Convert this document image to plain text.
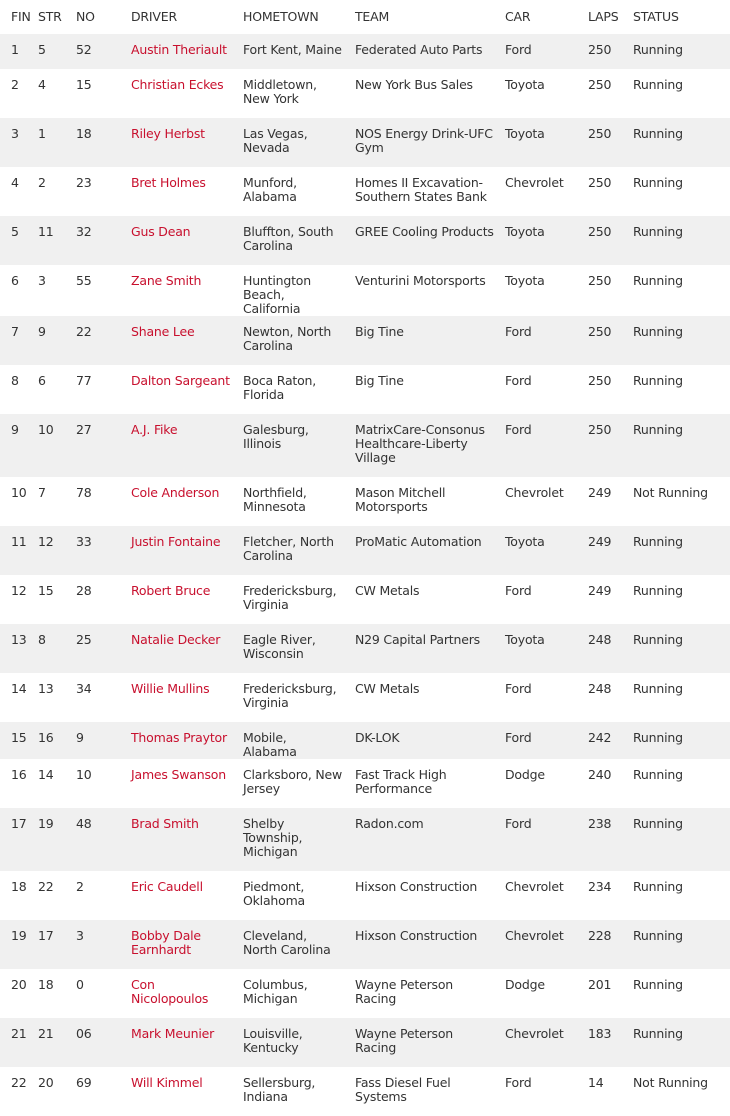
FIN	STR	NO	DRIVER	HOMETOWN	TEAM	CAR	LAPS	STATUS
1	5	52	Austin Theriault	Fort Kent, Maine	Federated Auto Parts	Ford	250	Running
2	4	15	Christian Eckes	Middletown, New York	New York Bus Sales	Toyota	250	Running
3	1	18	Riley Herbst	Las Vegas, Nevada	NOS Energy Drink-UFC Gym	Toyota	250	Running
4	2	23	Bret Holmes	Munford, Alabama	Homes II Excavation-Southern States Bank	Chevrolet	250	Running
5	11	32	Gus Dean	Bluffton, South Carolina	GREE Cooling Products	Toyota	250	Running
6	3	55	Zane Smith	Huntington Beach, California	Venturini Motorsports	Toyota	250	Running
7	9	22	Shane Lee	Newton, North Carolina	Big Tine	Ford	250	Running
8	6	77	Dalton Sargeant	Boca Raton, Florida	Big Tine	Ford	250	Running
9	10	27	A.J. Fike	Galesburg, Illinois	MatrixCare-Consonus Healthcare-Liberty Village	Ford	250	Running
10	7	78	Cole Anderson	Northfield, Minnesota	Mason Mitchell Motorsports	Chevrolet	249	Not Running
11	12	33	Justin Fontaine	Fletcher, North Carolina	ProMatic Automation	Toyota	249	Running
12	15	28	Robert Bruce	Fredericksburg, Virginia	CW Metals	Ford	249	Running
13	8	25	Natalie Decker	Eagle River, Wisconsin	N29 Capital Partners	Toyota	248	Running
14	13	34	Willie Mullins	Fredericksburg, Virginia	CW Metals	Ford	248	Running
15	16	9	Thomas Praytor	Mobile, Alabama	DK-LOK	Ford	242	Running
16	14	10	James Swanson	Clarksboro, New Jersey	Fast Track High Performance	Dodge	240	Running
17	19	48	Brad Smith	Shelby Township, Michigan	Radon.com	Ford	238	Running
18	22	2	Eric Caudell	Piedmont, Oklahoma	Hixson Construction	Chevrolet	234	Running
19	17	3	Bobby Dale Earnhardt	Cleveland, North Carolina	Hixson Construction	Chevrolet	228	Running
20	18	0	Con Nicolopoulos	Columbus, Michigan	Wayne Peterson Racing	Dodge	201	Running
21	21	06	Mark Meunier	Louisville, Kentucky	Wayne Peterson Racing	Chevrolet	183	Running
22	20	69	Will Kimmel	Sellersburg, Indiana	Fass Diesel Fuel Systems	Ford	14	Not Running
